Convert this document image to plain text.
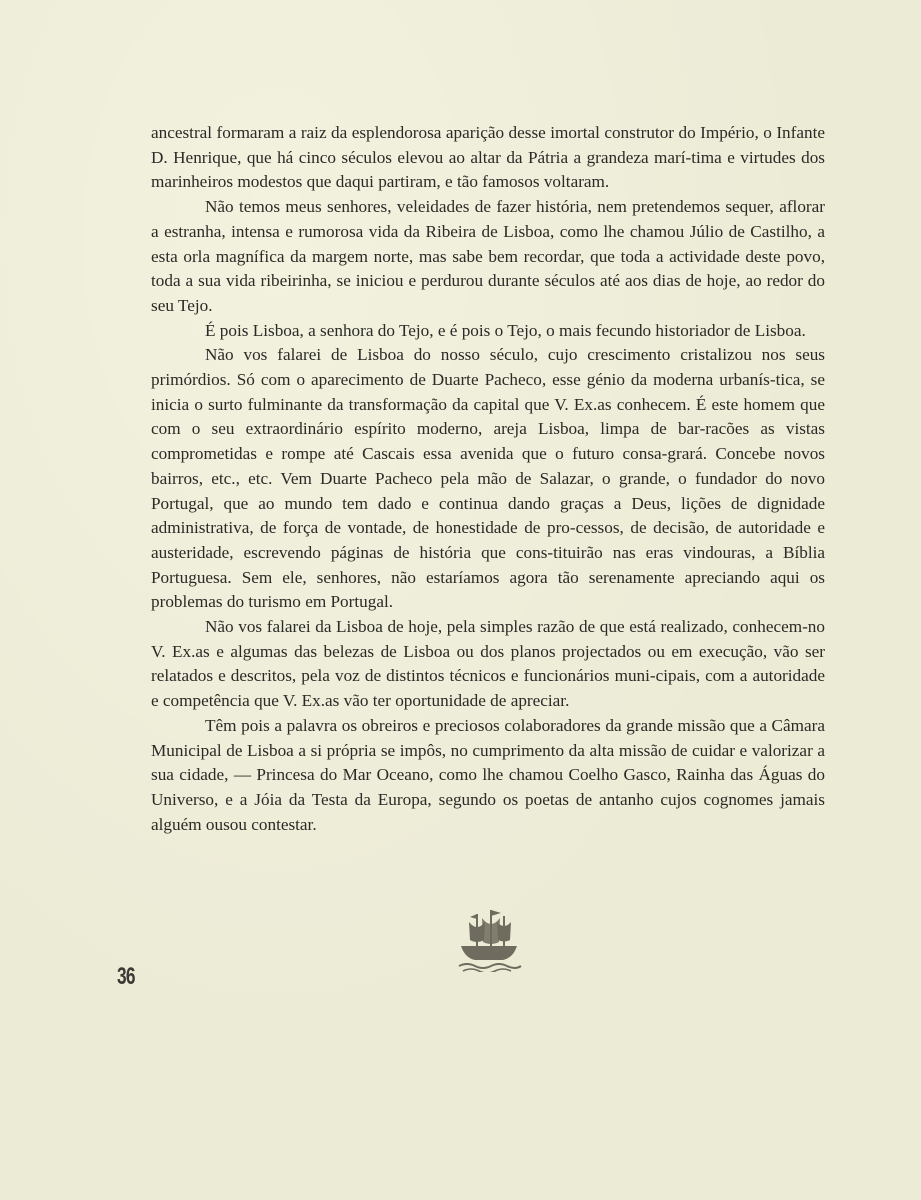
ancestral formaram a raiz da esplendorosa aparição desse imortal construtor do Império, o Infante D. Henrique, que há cinco séculos elevou ao altar da Pátria a grandeza marí-tima e virtudes dos marinheiros modestos que daqui partiram, e tão famosos voltaram.

Não temos meus senhores, veleidades de fazer história, nem pretendemos sequer, aflorar a estranha, intensa e rumorosa vida da Ribeira de Lisboa, como lhe chamou Júlio de Castilho, a esta orla magnífica da margem norte, mas sabe bem recordar, que toda a actividade deste povo, toda a sua vida ribeirinha, se iniciou e perdurou durante séculos até aos dias de hoje, ao redor do seu Tejo.

É pois Lisboa, a senhora do Tejo, e é pois o Tejo, o mais fecundo historiador de Lisboa.

Não vos falarei de Lisboa do nosso século, cujo crescimento cristalizou nos seus primórdios. Só com o aparecimento de Duarte Pacheco, esse génio da moderna urbanís-tica, se inicia o surto fulminante da transformação da capital que V. Ex.as conhecem. É este homem que com o seu extraordinário espírito moderno, areja Lisboa, limpa de bar-racões as vistas comprometidas e rompe até Cascais essa avenida que o futuro consa-grará. Concebe novos bairros, etc., etc. Vem Duarte Pacheco pela mão de Salazar, o grande, o fundador do novo Portugal, que ao mundo tem dado e continua dando graças a Deus, lições de dignidade administrativa, de força de vontade, de honestidade de pro-cessos, de decisão, de autoridade e austeridade, escrevendo páginas de história que cons-tituirão nas eras vindouras, a Bíblia Portuguesa. Sem ele, senhores, não estaríamos agora tão serenamente apreciando aqui os problemas do turismo em Portugal.

Não vos falarei da Lisboa de hoje, pela simples razão de que está realizado, conhecem-no V. Ex.as e algumas das belezas de Lisboa ou dos planos projectados ou em execução, vão ser relatados e descritos, pela voz de distintos técnicos e funcionários muni-cipais, com a autoridade e competência que V. Ex.as vão ter oportunidade de apreciar.

Têm pois a palavra os obreiros e preciosos colaboradores da grande missão que a Câmara Municipal de Lisboa a si própria se impôs, no cumprimento da alta missão de cuidar e valorizar a sua cidade, — Princesa do Mar Oceano, como lhe chamou Coelho Gasco, Rainha das Águas do Universo, e a Jóia da Testa da Europa, segundo os poetas de antanho cujos cognomes jamais alguém ousou contestar.

36
